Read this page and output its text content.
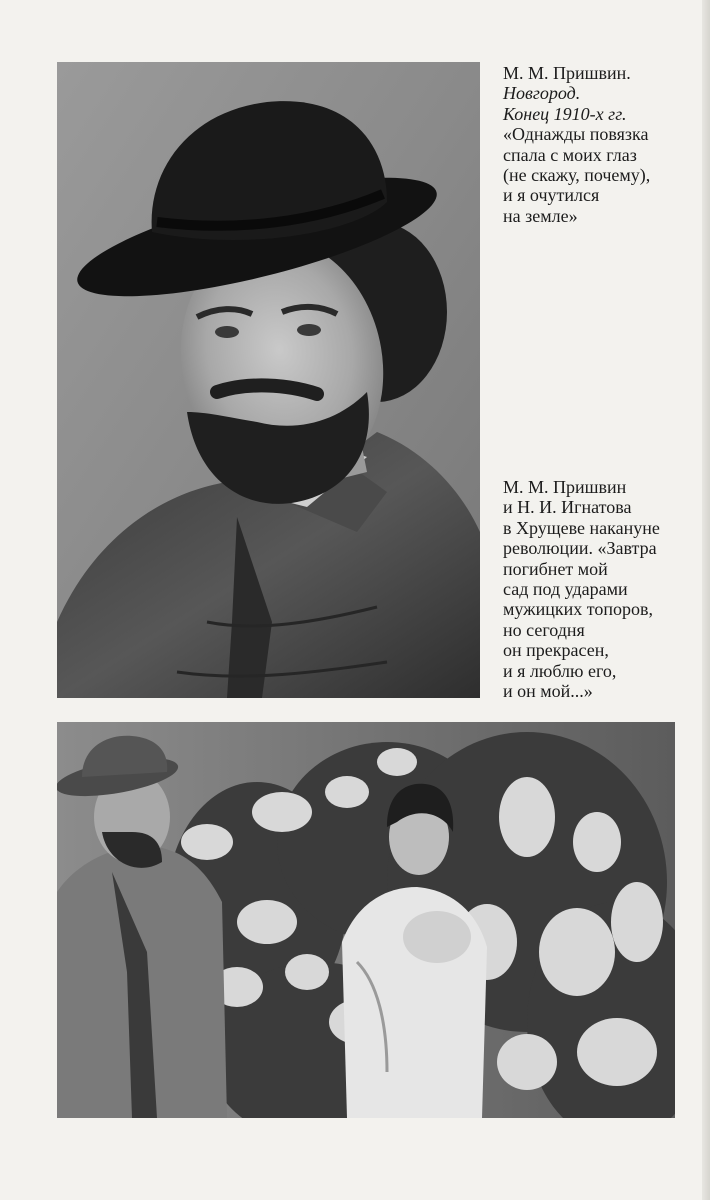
М. М. Пришвин.
Новгород.
Конец 1910-х гг.
«Однажды повязка
спала с моих глаз
(не скажу, почему),
и я очутился
на земле»
М. М. Пришвин
и Н. И. Игнатова
в Хрущеве накануне
революции. «Завтра
погибнет мой
сад под ударами
мужицких топоров,
но сегодня
он прекрасен,
и я люблю его,
и он мой...»
